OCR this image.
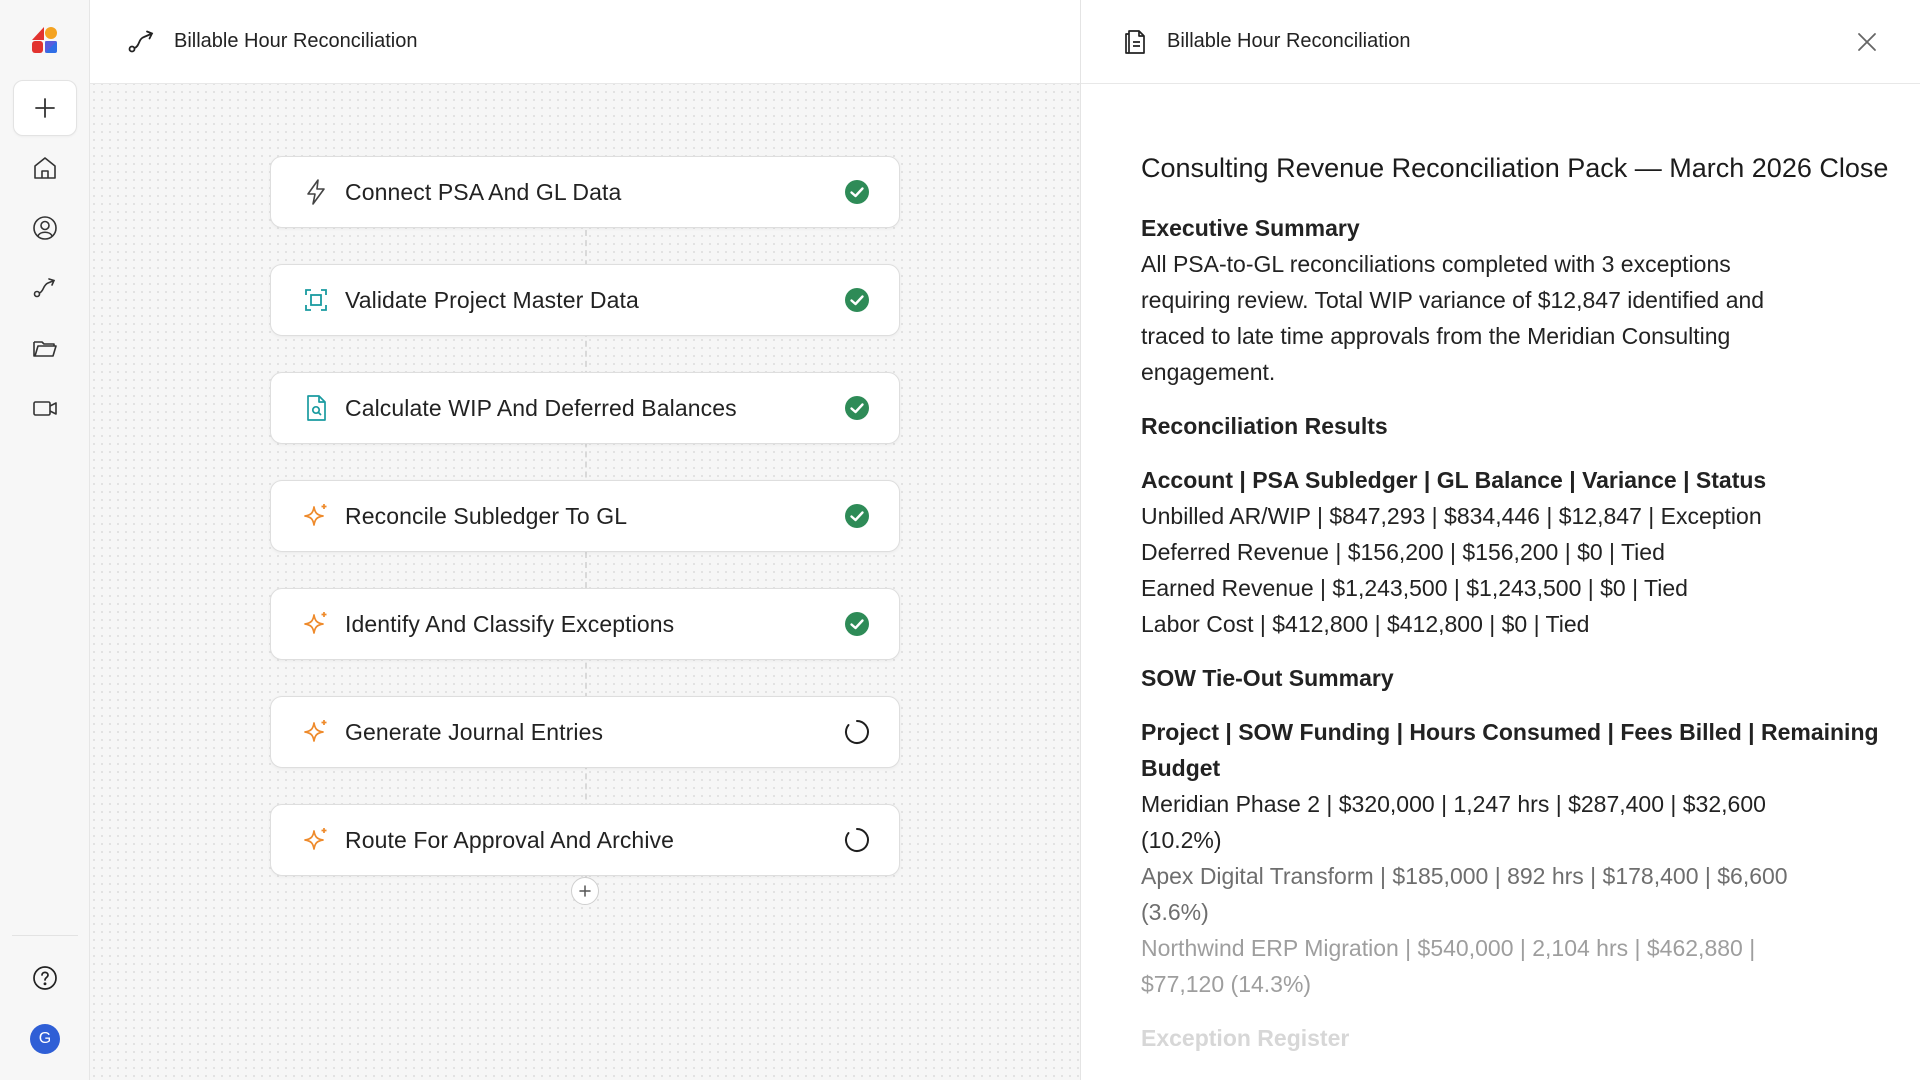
G
Billable Hour Reconciliation
Connect PSA And GL Data
Validate Project Master Data
Calculate WIP And Deferred Balances
Reconcile Subledger To GL
Identify And Classify Exceptions
Generate Journal Entries
Route For Approval And Archive
Billable Hour Reconciliation
Consulting Revenue Reconciliation Pack — March 2026 Close
Executive Summary
All PSA-to-GL reconciliations completed with 3 exceptions
requiring review. Total WIP variance of $12,847 identified and
traced to late time approvals from the Meridian Consulting
engagement.
Reconciliation Results
Account | PSA Subledger | GL Balance | Variance | Status
Unbilled AR/WIP | $847,293 | $834,446 | $12,847 | Exception
Deferred Revenue | $156,200 | $156,200 | $0 | Tied
Earned Revenue | $1,243,500 | $1,243,500 | $0 | Tied
Labor Cost | $412,800 | $412,800 | $0 | Tied
SOW Tie-Out Summary
Project | SOW Funding | Hours Consumed | Fees Billed | Remaining
Budget
Meridian Phase 2 | $320,000 | 1,247 hrs | $287,400 | $32,600
(10.2%)
Apex Digital Transform | $185,000 | 892 hrs | $178,400 | $6,600
(3.6%)
Northwind ERP Migration | $540,000 | 2,104 hrs | $462,880 |
$77,120 (14.3%)
Exception Register
